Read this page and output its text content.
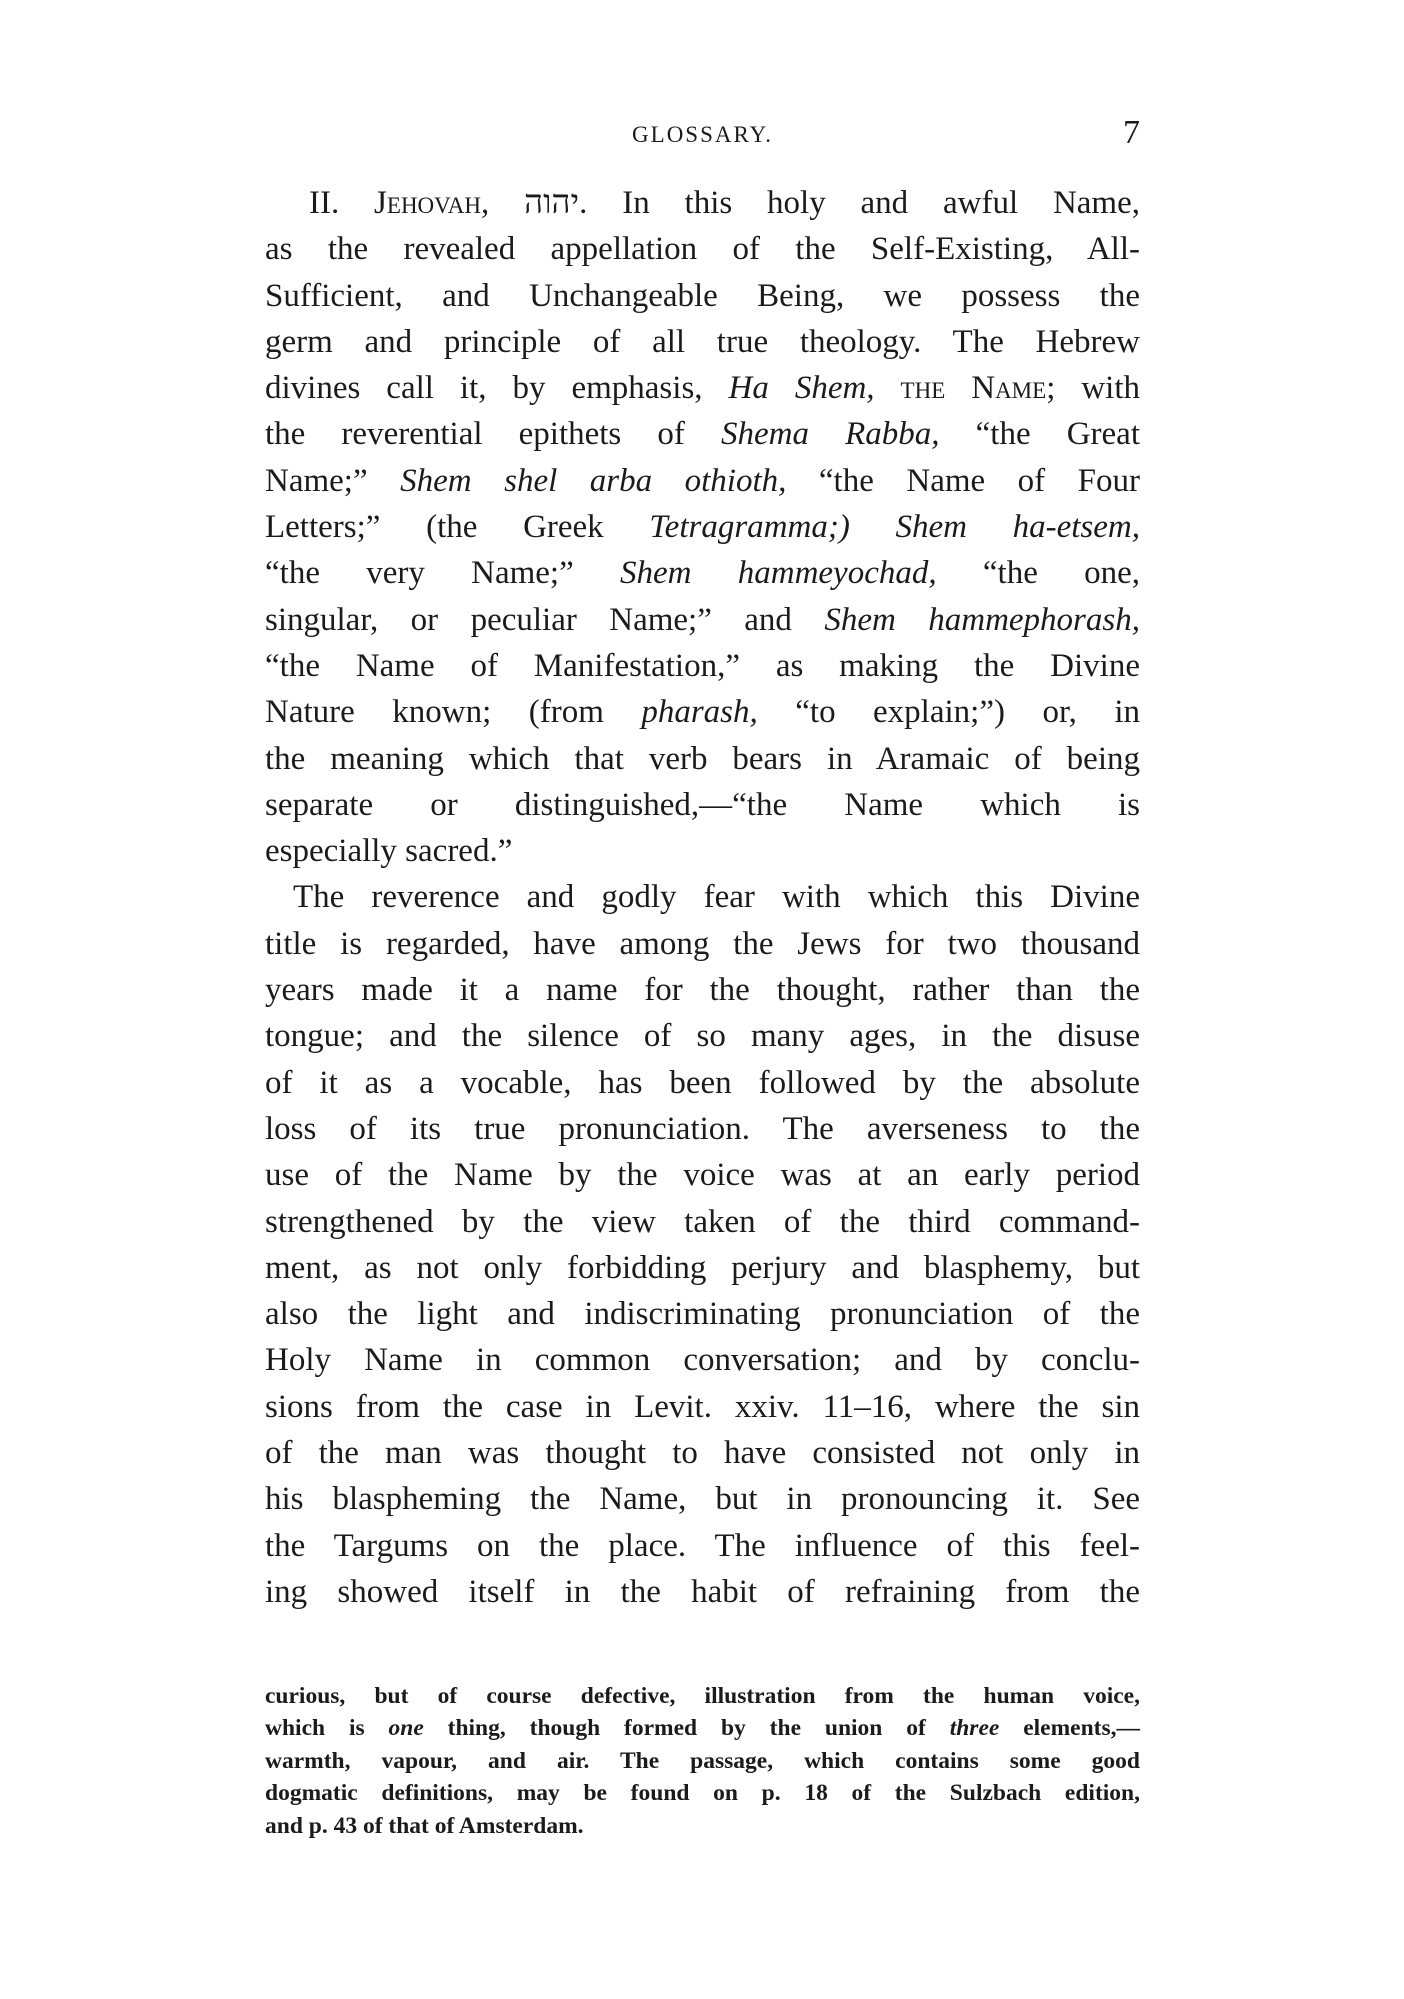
GLOSSARY.	7
II. Jehovah, יהוה. In this holy and awful Name,
as the revealed appellation of the Self-Existing, All-
Sufficient, and Unchangeable Being, we possess the
germ and principle of all true theology. The Hebrew
divines call it, by emphasis, Ha Shem, the Name; with
the reverential epithets of Shema Rabba, “the Great
Name;” Shem shel arba othioth, “the Name of Four
Letters;” (the Greek Tetragramma;) Shem ha-etsem,
“the very Name;” Shem hammeyochad, “the one,
singular, or peculiar Name;” and Shem hammephorash,
“the Name of Manifestation,” as making the Divine
Nature known; (from pharash, “to explain;”) or, in
the meaning which that verb bears in Aramaic of being
separate or distinguished,—“the Name which is
especially sacred.”
The reverence and godly fear with which this Divine
title is regarded, have among the Jews for two thousand
years made it a name for the thought, rather than the
tongue; and the silence of so many ages, in the disuse
of it as a vocable, has been followed by the absolute
loss of its true pronunciation. The averseness to the
use of the Name by the voice was at an early period
strengthened by the view taken of the third command-
ment, as not only forbidding perjury and blasphemy, but
also the light and indiscriminating pronunciation of the
Holy Name in common conversation; and by conclu-
sions from the case in Levit. xxiv. 11–16, where the sin
of the man was thought to have consisted not only in
his blaspheming the Name, but in pronouncing it. See
the Targums on the place. The influence of this feel-
ing showed itself in the habit of refraining from the
curious, but of course defective, illustration from the human voice,
which is one thing, though formed by the union of three elements,—
warmth, vapour, and air. The passage, which contains some good
dogmatic definitions, may be found on p. 18 of the Sulzbach edition,
and p. 43 of that of Amsterdam.
